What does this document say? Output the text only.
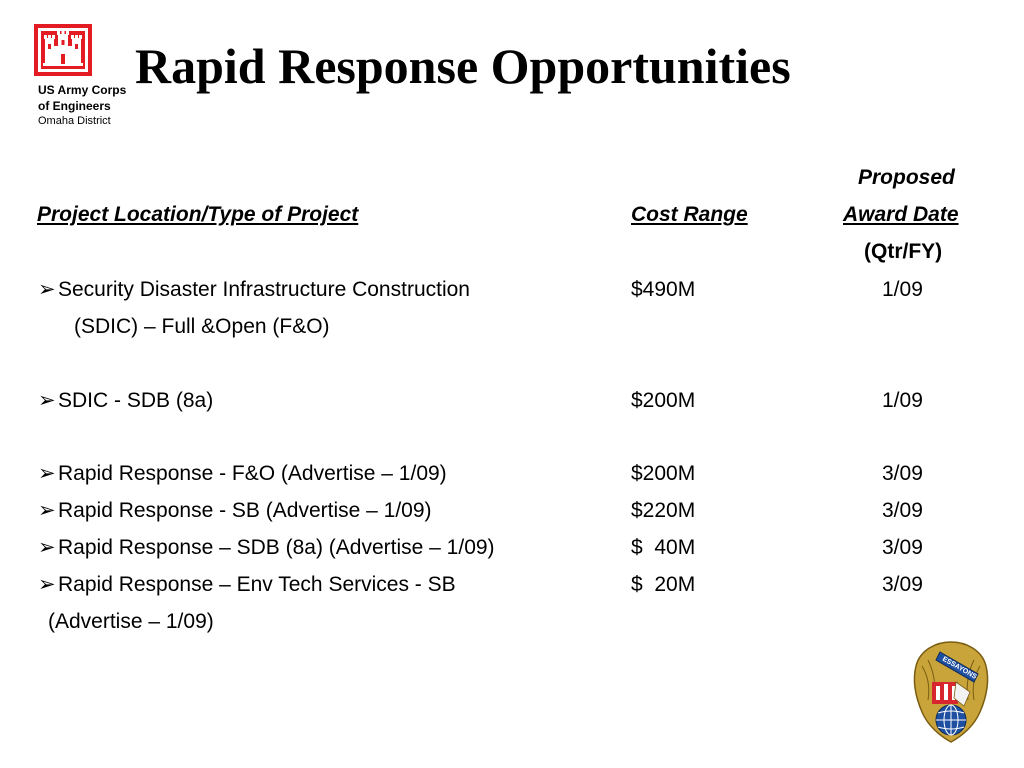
US Army Corps
of Engineers
Omaha District
Rapid Response Opportunities
Project Location/Type of Project	Cost Range
Proposed
Award Date
(Qtr/FY)
➢ Security Disaster Infrastructure Construction	$490M	1/09
(SDIC) – Full &Open (F&O)
➢ SDIC - SDB (8a)	$200M	1/09
➢ Rapid Response - F&O (Advertise – 1/09)	$200M	3/09
➢ Rapid Response - SB (Advertise – 1/09)	$220M	3/09
➢ Rapid Response – SDB (8a) (Advertise – 1/09)	$  40M	3/09
➢ Rapid Response – Env Tech Services - SB	$  20M	3/09
(Advertise – 1/09)
ESSAYONS
